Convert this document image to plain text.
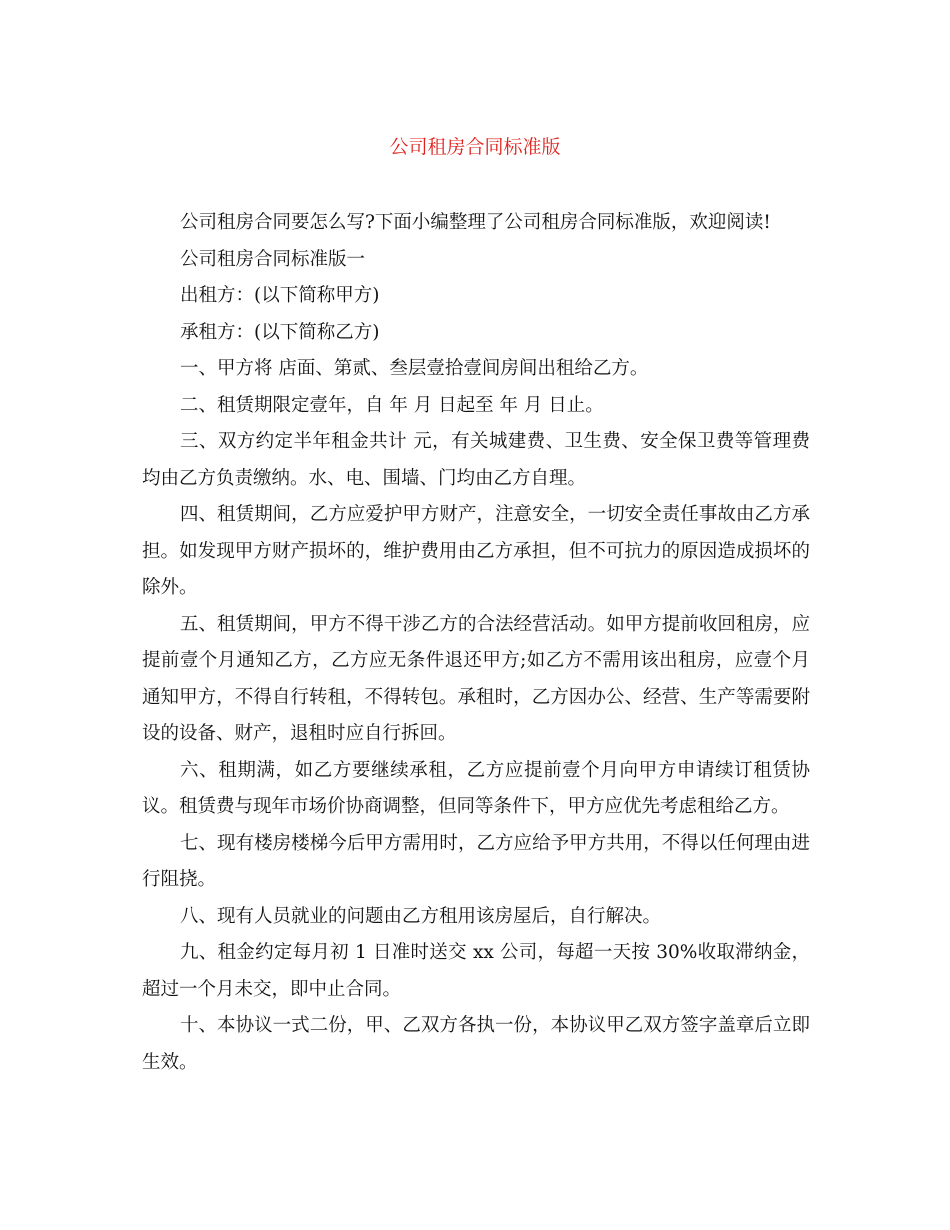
公司租房合同标准版

公司租房合同要怎么写?下面小编整理了公司租房合同标准版，欢迎阅读!

公司租房合同标准版一

出租方：(以下简称甲方)

承租方：(以下简称乙方)

一、甲方将 店面、第贰、叁层壹拾壹间房间出租给乙方。

二、租赁期限定壹年，自 年 月 日起至 年 月 日止。

三、双方约定半年租金共计 元，有关城建费、卫生费、安全保卫费等管理费均由乙方负责缴纳。水、电、围墙、门均由乙方自理。

四、租赁期间，乙方应爱护甲方财产，注意安全，一切安全责任事故由乙方承担。如发现甲方财产损坏的，维护费用由乙方承担，但不可抗力的原因造成损坏的除外。

五、租赁期间，甲方不得干涉乙方的合法经营活动。如甲方提前收回租房，应提前壹个月通知乙方，乙方应无条件退还甲方;如乙方不需用该出租房，应壹个月通知甲方，不得自行转租，不得转包。承租时，乙方因办公、经营、生产等需要附设的设备、财产，退租时应自行拆回。

六、租期满，如乙方要继续承租，乙方应提前壹个月向甲方申请续订租赁协议。租赁费与现年市场价协商调整，但同等条件下，甲方应优先考虑租给乙方。

七、现有楼房楼梯今后甲方需用时，乙方应给予甲方共用，不得以任何理由进行阻挠。

八、现有人员就业的问题由乙方租用该房屋后，自行解决。

九、租金约定每月初 1 日准时送交 xx 公司，每超一天按 30%收取滞纳金，超过一个月未交，即中止合同。

十、本协议一式二份，甲、乙双方各执一份，本协议甲乙双方签字盖章后立即生效。
